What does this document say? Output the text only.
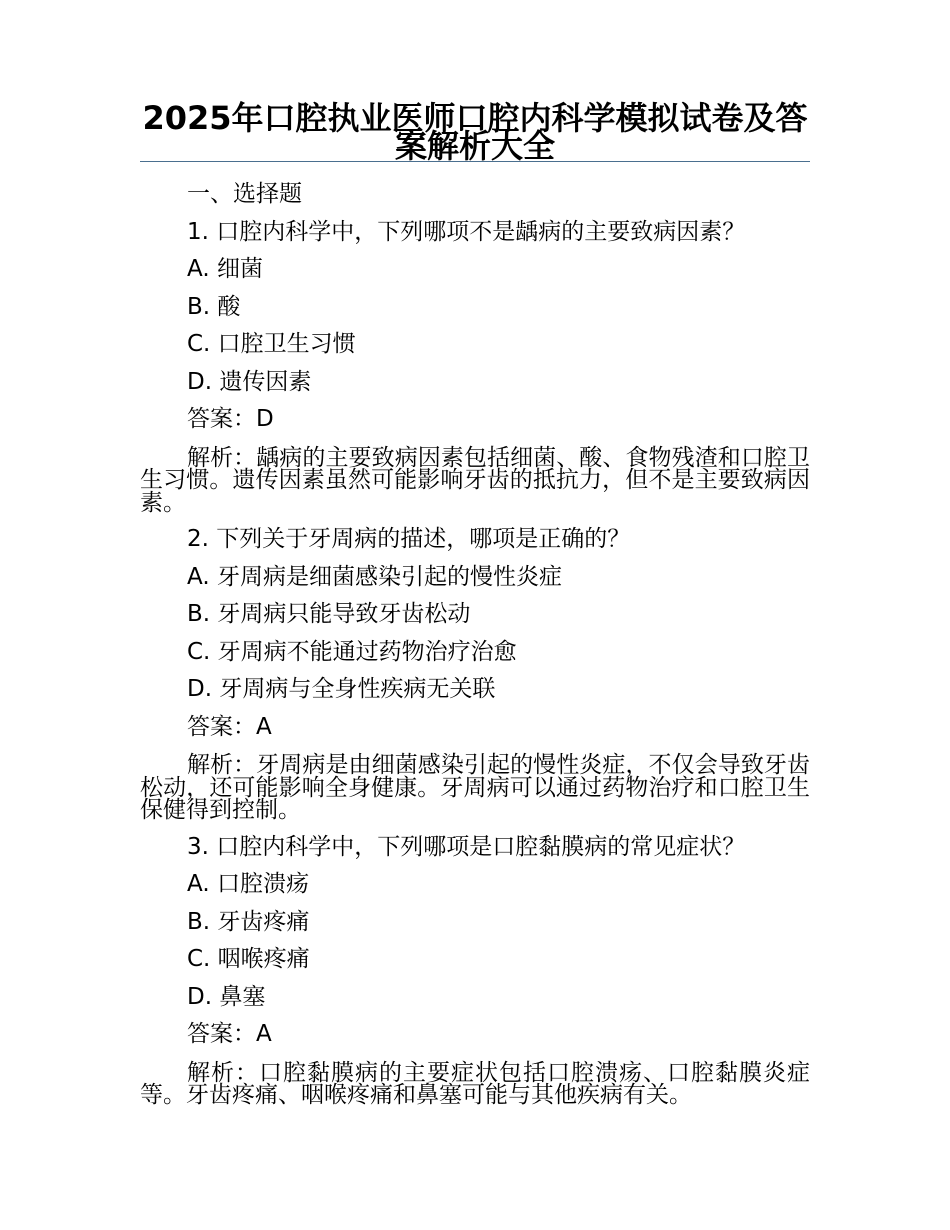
2025年口腔执业医师口腔内科学模拟试卷及答案解析大全
一、选择题
1. 口腔内科学中，下列哪项不是龋病的主要致病因素？
A. 细菌
B. 酸
C. 口腔卫生习惯
D. 遗传因素
答案：D
解析：龋病的主要致病因素包括细菌、酸、食物残渣和口腔卫生习惯。遗传因素虽然可能影响牙齿的抵抗力，但不是主要致病因素。
2. 下列关于牙周病的描述，哪项是正确的？
A. 牙周病是细菌感染引起的慢性炎症
B. 牙周病只能导致牙齿松动
C. 牙周病不能通过药物治疗治愈
D. 牙周病与全身性疾病无关联
答案：A
解析：牙周病是由细菌感染引起的慢性炎症，不仅会导致牙齿松动，还可能影响全身健康。牙周病可以通过药物治疗和口腔卫生保健得到控制。
3. 口腔内科学中，下列哪项是口腔黏膜病的常见症状？
A. 口腔溃疡
B. 牙齿疼痛
C. 咽喉疼痛
D. 鼻塞
答案：A
解析：口腔黏膜病的主要症状包括口腔溃疡、口腔黏膜炎症等。牙齿疼痛、咽喉疼痛和鼻塞可能与其他疾病有关。
